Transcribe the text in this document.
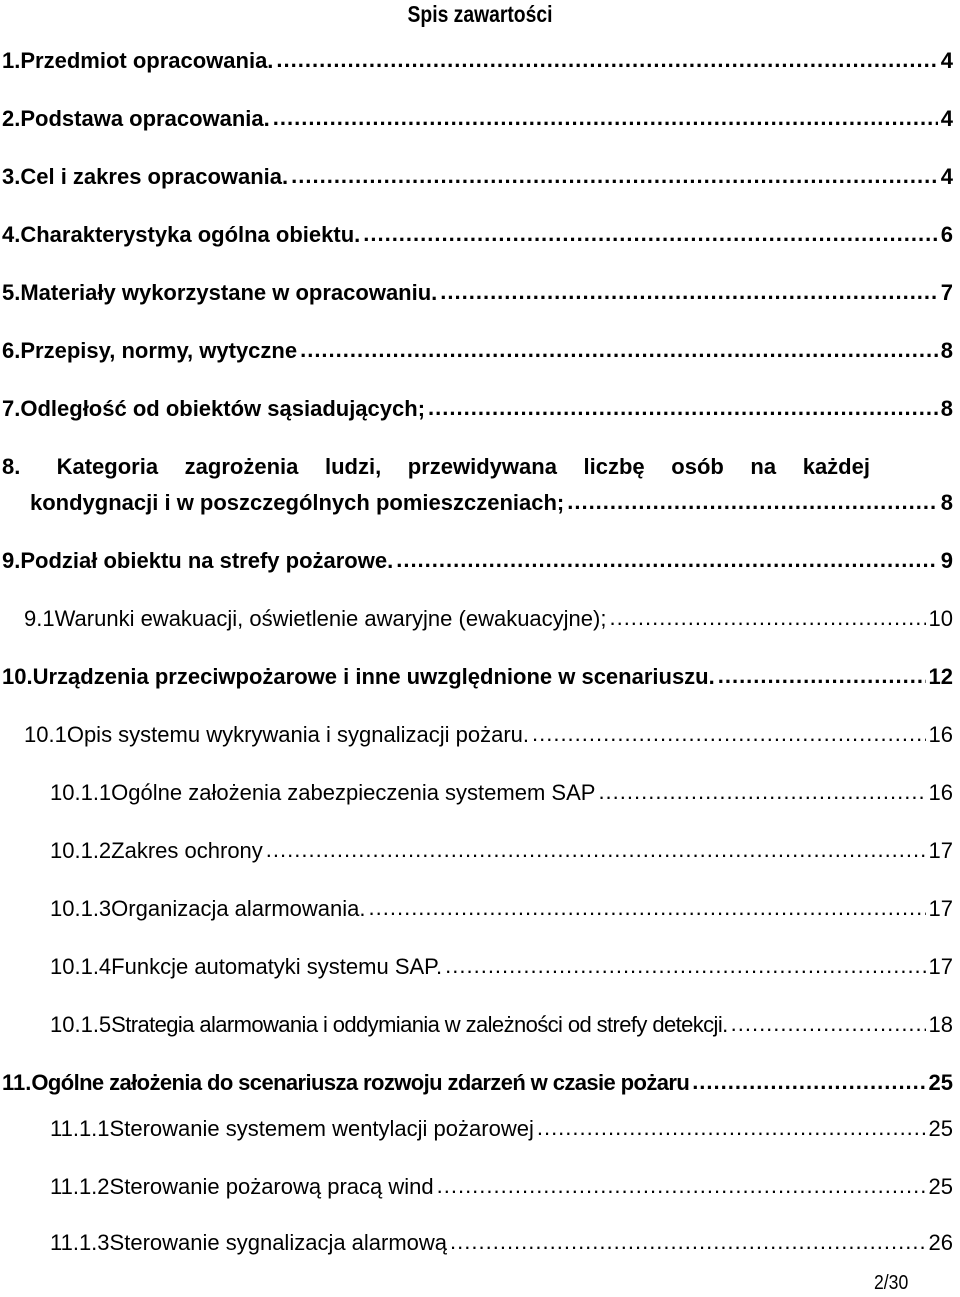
Spis zawartości
1. Przedmiot opracowania. .....	4
2. Podstawa opracowania. .....	4
3. Cel i zakres opracowania. .....	4
4. Charakterystyka ogólna obiektu. .....	6
5. Materiały wykorzystane w opracowaniu. .....	7
6. Przepisy, normy, wytyczne .....	8
7. Odległość od obiektów sąsiadujących; .....	8
8.	Kategoria zagrożenia ludzi, przewidywana liczbę osób na każdej
kondygnacji i w poszczególnych pomieszczeniach; .....	8
9. Podział obiektu na strefy pożarowe. .....	9
9.1 Warunki ewakuacji, oświetlenie awaryjne (ewakuacyjne); .....	10
10. Urządzenia przeciwpożarowe i inne uwzględnione w scenariuszu. .....	12
10.1 Opis systemu wykrywania i sygnalizacji pożaru. .....	16
10.1.1 Ogólne założenia zabezpieczenia systemem SAP .....	16
10.1.2 Zakres ochrony .....	17
10.1.3 Organizacja alarmowania. .....	17
10.1.4 Funkcje automatyki systemu SAP. .....	17
10.1.5 Strategia alarmowania i oddymiania w zależności od strefy detekcji. .....	18
11. Ogólne założenia do scenariusza rozwoju zdarzeń w czasie pożaru .....	25
11.1.1 Sterowanie systemem wentylacji pożarowej .....	25
11.1.2 Sterowanie pożarową pracą wind .....	25
11.1.3 Sterowanie sygnalizacja alarmową .....	26
2/30
